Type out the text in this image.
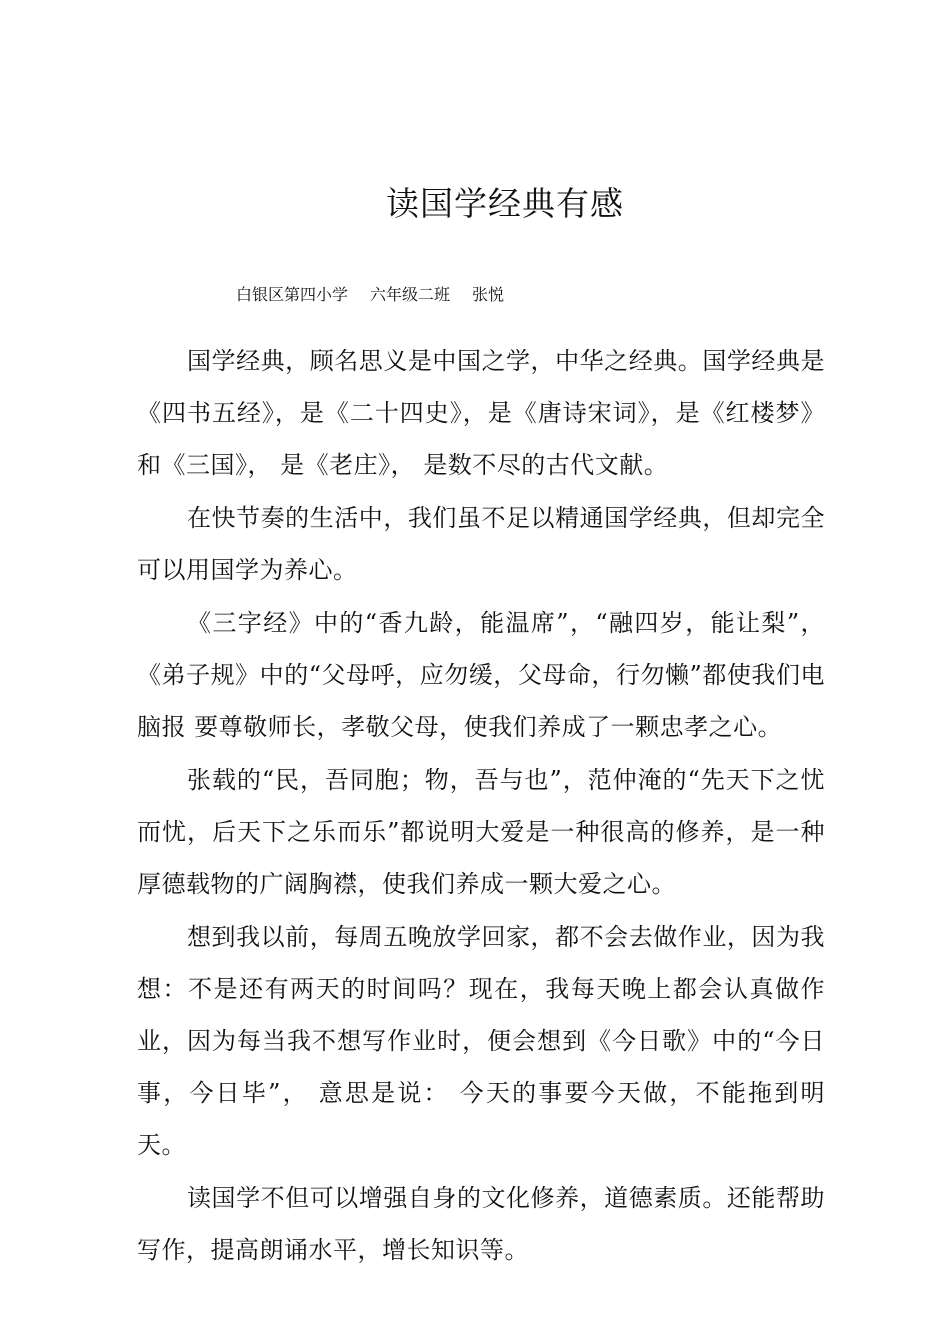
读国学经典有感
白银区第四小学 六年级二班 张悦

国学经典，顾名思义是中国之学，中华之经典。国学经典是《四书五经》，是《二十四史》，是《唐诗宋词》，是《红楼梦》和《三国》， 是《老庄》， 是数不尽的古代文献。

在快节奏的生活中，我们虽不足以精通国学经典，但却完全可以用国学为养心。

《三字经》中的“香九龄，能温席”，“融四岁，能让梨”，《弟子规》中的“父母呼，应勿缓，父母命，行勿懒”都使我们电脑报 要尊敬师长，孝敬父母，使我们养成了一颗忠孝之心。

张载的“民，吾同胞；物，吾与也”，范仲淹的“先天下之忧而忧，后天下之乐而乐”都说明大爱是一种很高的修养，是一种厚德载物的广阔胸襟，使我们养成一颗大爱之心。

想到我以前，每周五晚放学回家，都不会去做作业，因为我想：不是还有两天的时间吗？现在，我每天晚上都会认真做作业，因为每当我不想写作业时，便会想到《今日歌》中的“今日事，今日毕”， 意思是说： 今天的事要今天做，不能拖到明天。

读国学不但可以增强自身的文化修养，道德素质。还能帮助写作，提高朗诵水平，增长知识等。
